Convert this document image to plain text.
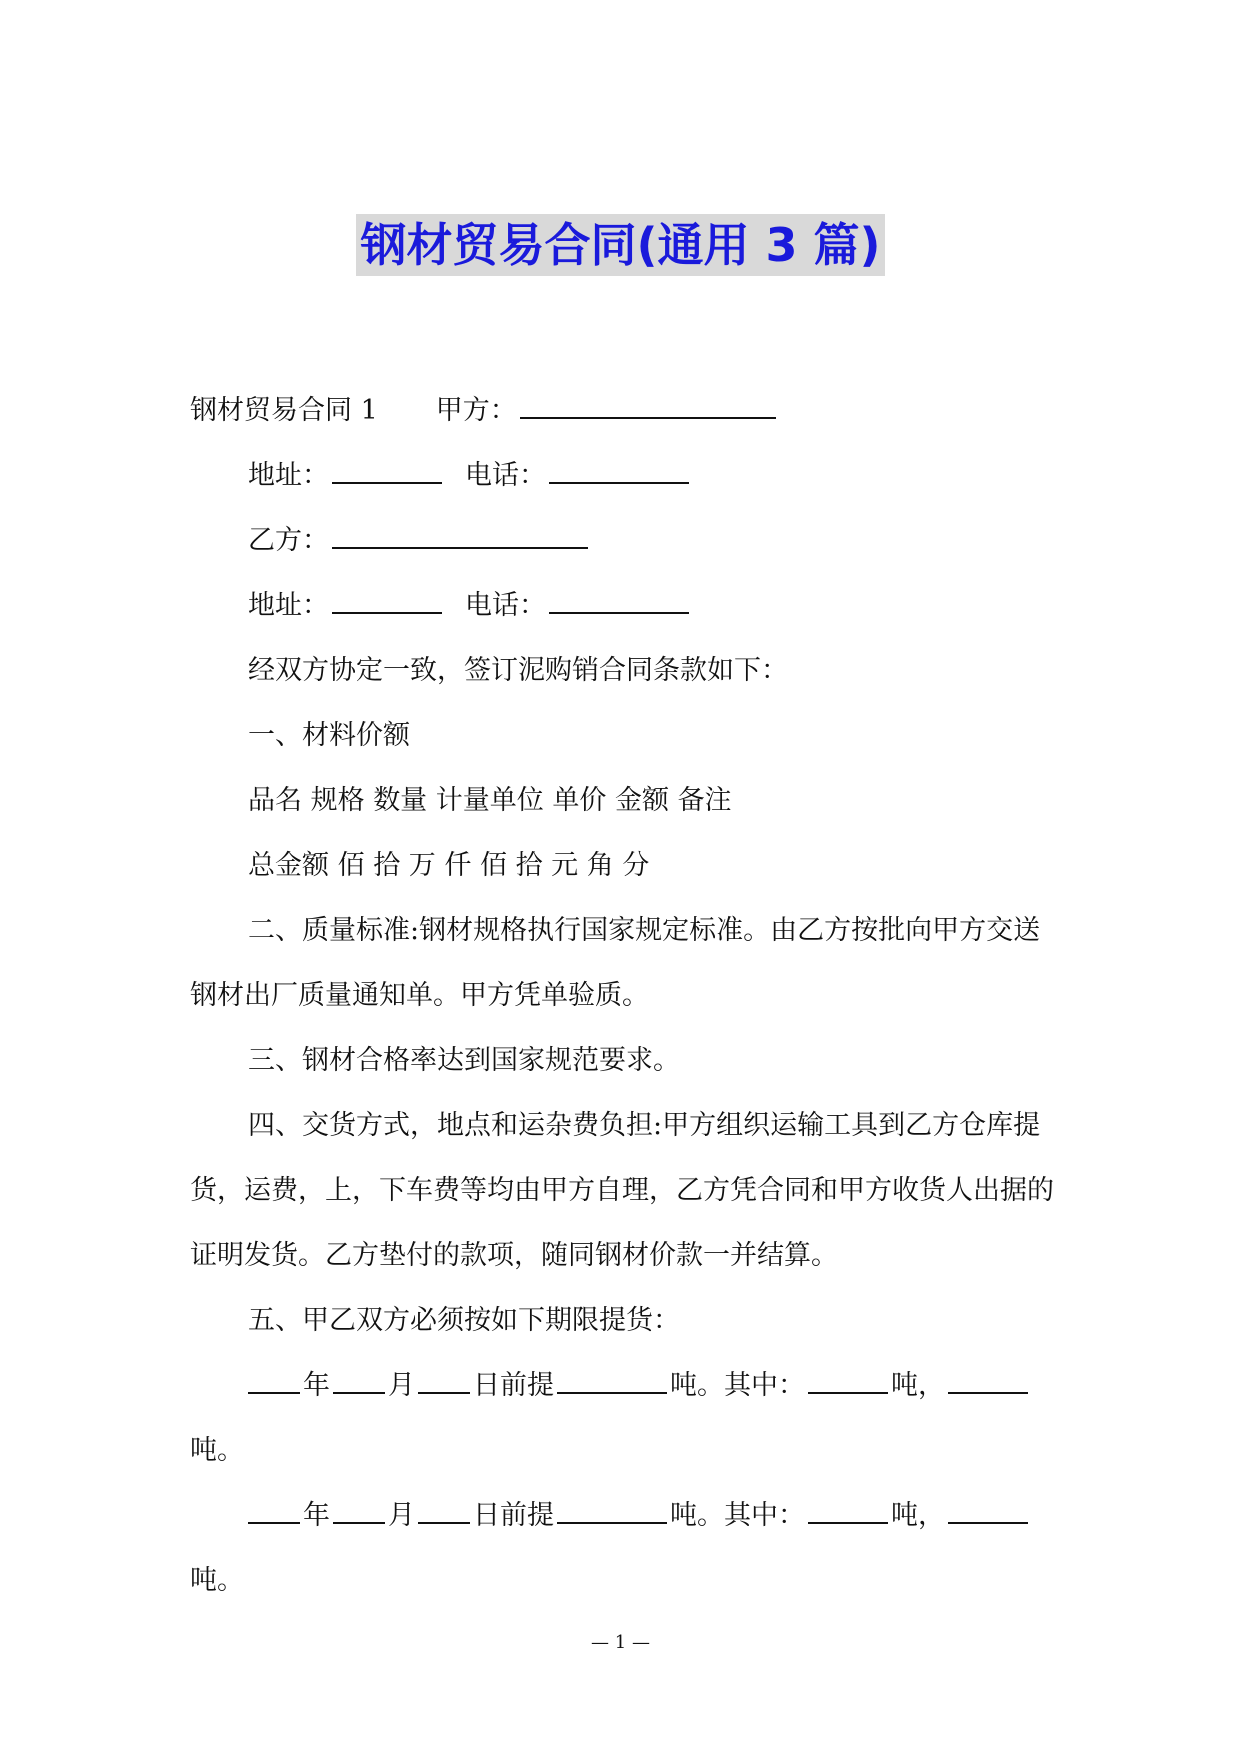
钢材贸易合同(通用 3 篇)

钢材贸易合同 1 甲方：

地址：	电话：

乙方：

地址：	电话：

经双方协定一致，签订泥购销合同条款如下：

一、材料价额

品名 规格 数量 计量单位 单价 金额 备注

总金额 佰 拾 万 仟 佰 拾 元 角 分

二、质量标准:钢材规格执行国家规定标准。由乙方按批向甲方交送钢材出厂质量通知单。甲方凭单验质。

三、钢材合格率达到国家规范要求。

四、交货方式，地点和运杂费负担:甲方组织运输工具到乙方仓库提货，运费，上，下车费等均由甲方自理，乙方凭合同和甲方收货人出据的证明发货。乙方垫付的款项，随同钢材价款一并结算。

五、甲乙双方必须按如下期限提货：

年 月 日前提	吨。其中：	吨，

吨。

年 月 日前提	吨。其中：	吨，

吨。

— 1 —
